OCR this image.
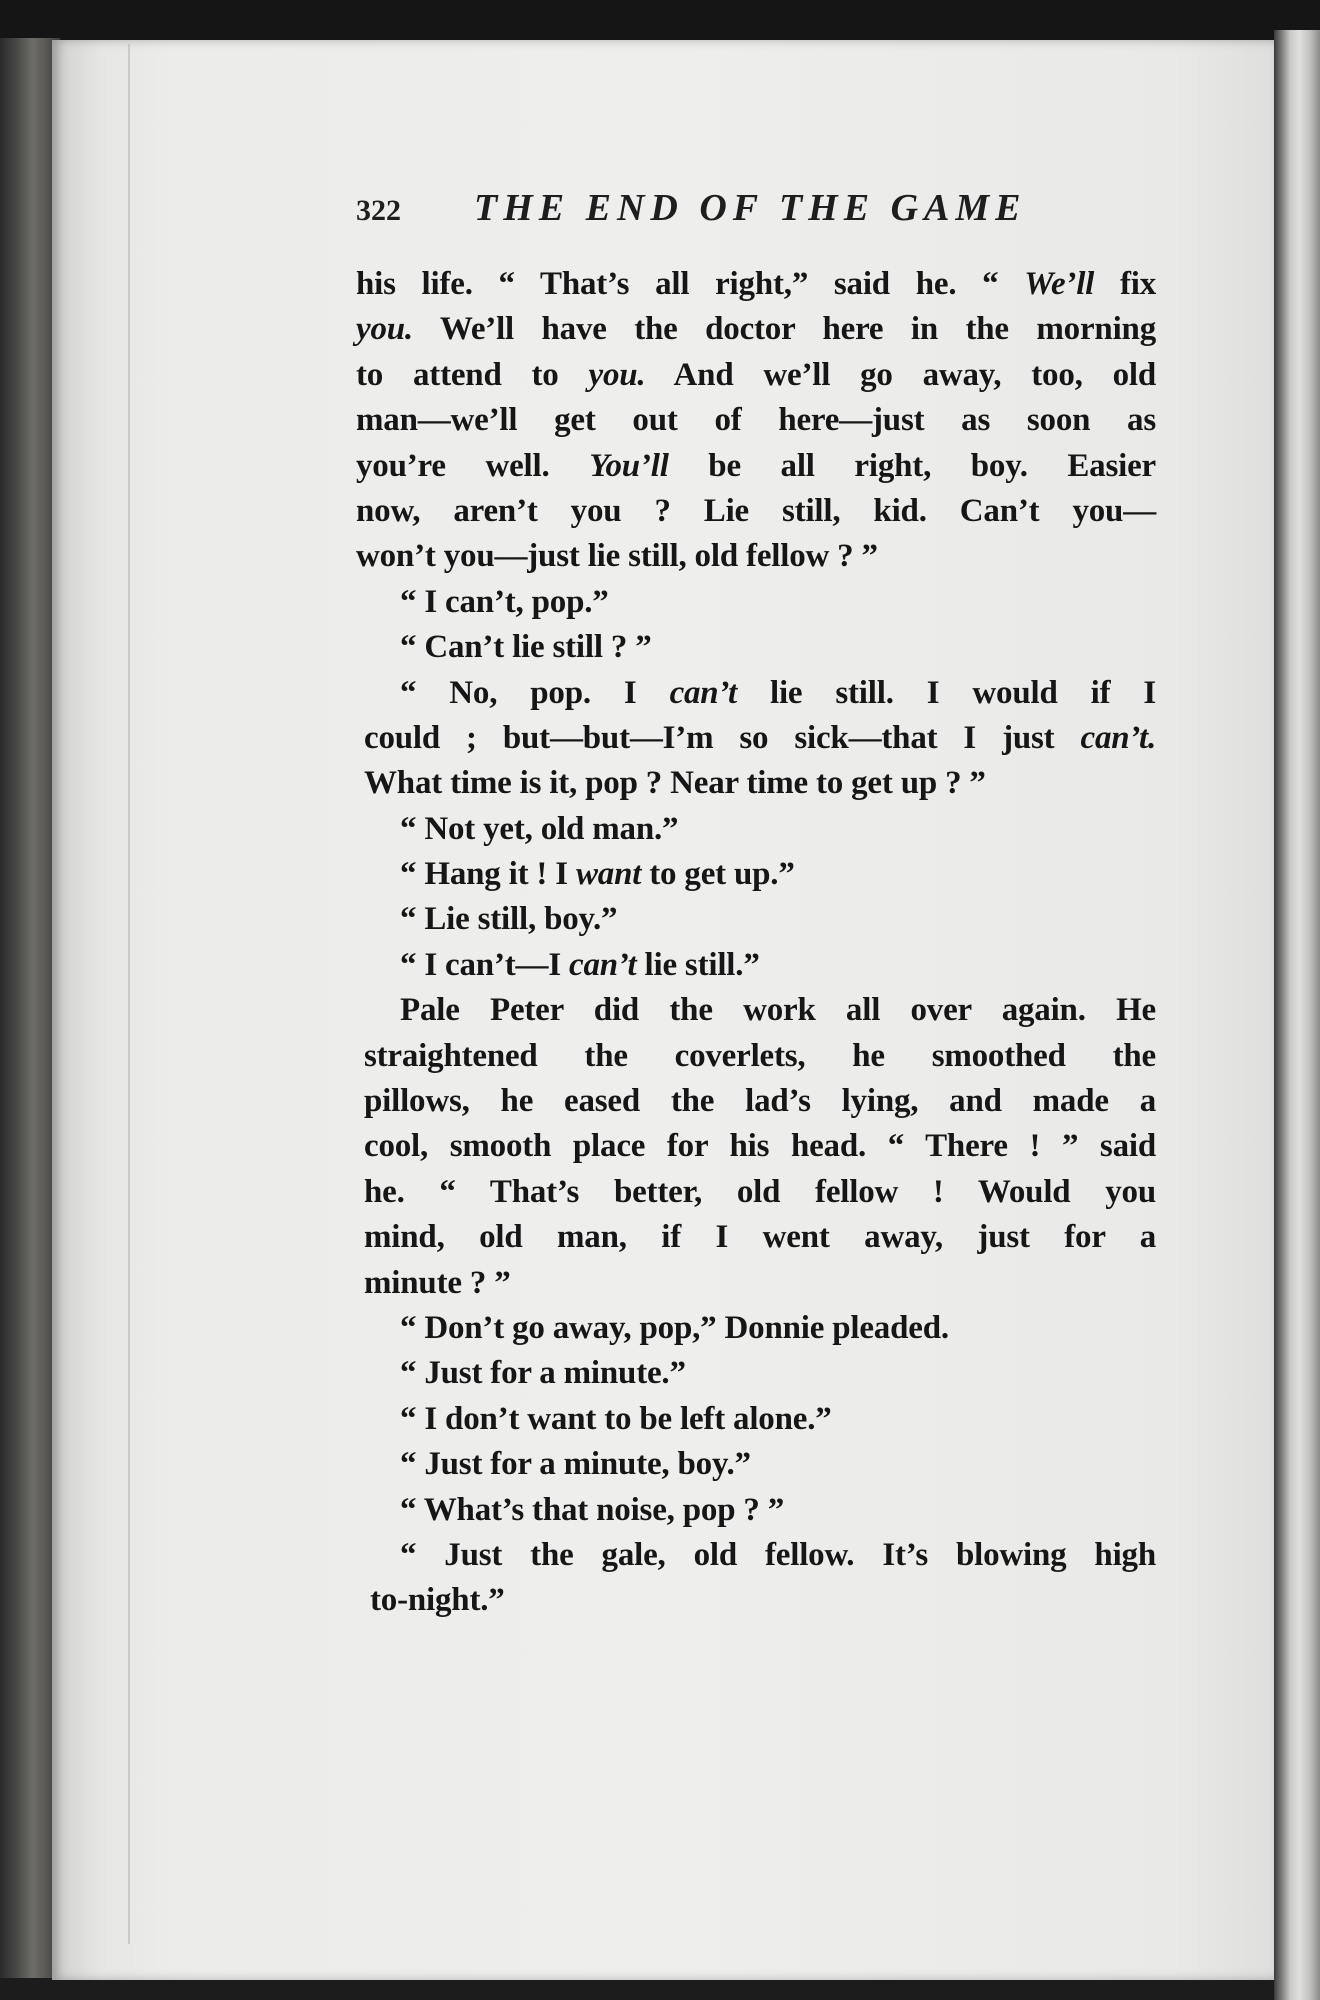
322 THE END OF THE GAME
his life. “ That’s all right,” said he. “ We’ll fix
you. We’ll have the doctor here in the morning
to attend to you. And we’ll go away, too, old
man—we’ll get out of here—just as soon as
you’re well. You’ll be all right, boy. Easier
now, aren’t you ? Lie still, kid. Can’t you—
won’t you—just lie still, old fellow ? ”
“ I can’t, pop.”
“ Can’t lie still ? ”
“ No, pop. I can’t lie still. I would if I
could ; but—but—I’m so sick—that I just can’t.
What time is it, pop ? Near time to get up ? ”
“ Not yet, old man.”
“ Hang it ! I want to get up.”
“ Lie still, boy.”
“ I can’t—I can’t lie still.”
Pale Peter did the work all over again. He
straightened the coverlets, he smoothed the
pillows, he eased the lad’s lying, and made a
cool, smooth place for his head. “ There ! ” said
he. “ That’s better, old fellow ! Would you
mind, old man, if I went away, just for a
minute ? ”
“ Don’t go away, pop,” Donnie pleaded.
“ Just for a minute.”
“ I don’t want to be left alone.”
“ Just for a minute, boy.”
“ What’s that noise, pop ? ”
“ Just the gale, old fellow. It’s blowing high
to-night.”
